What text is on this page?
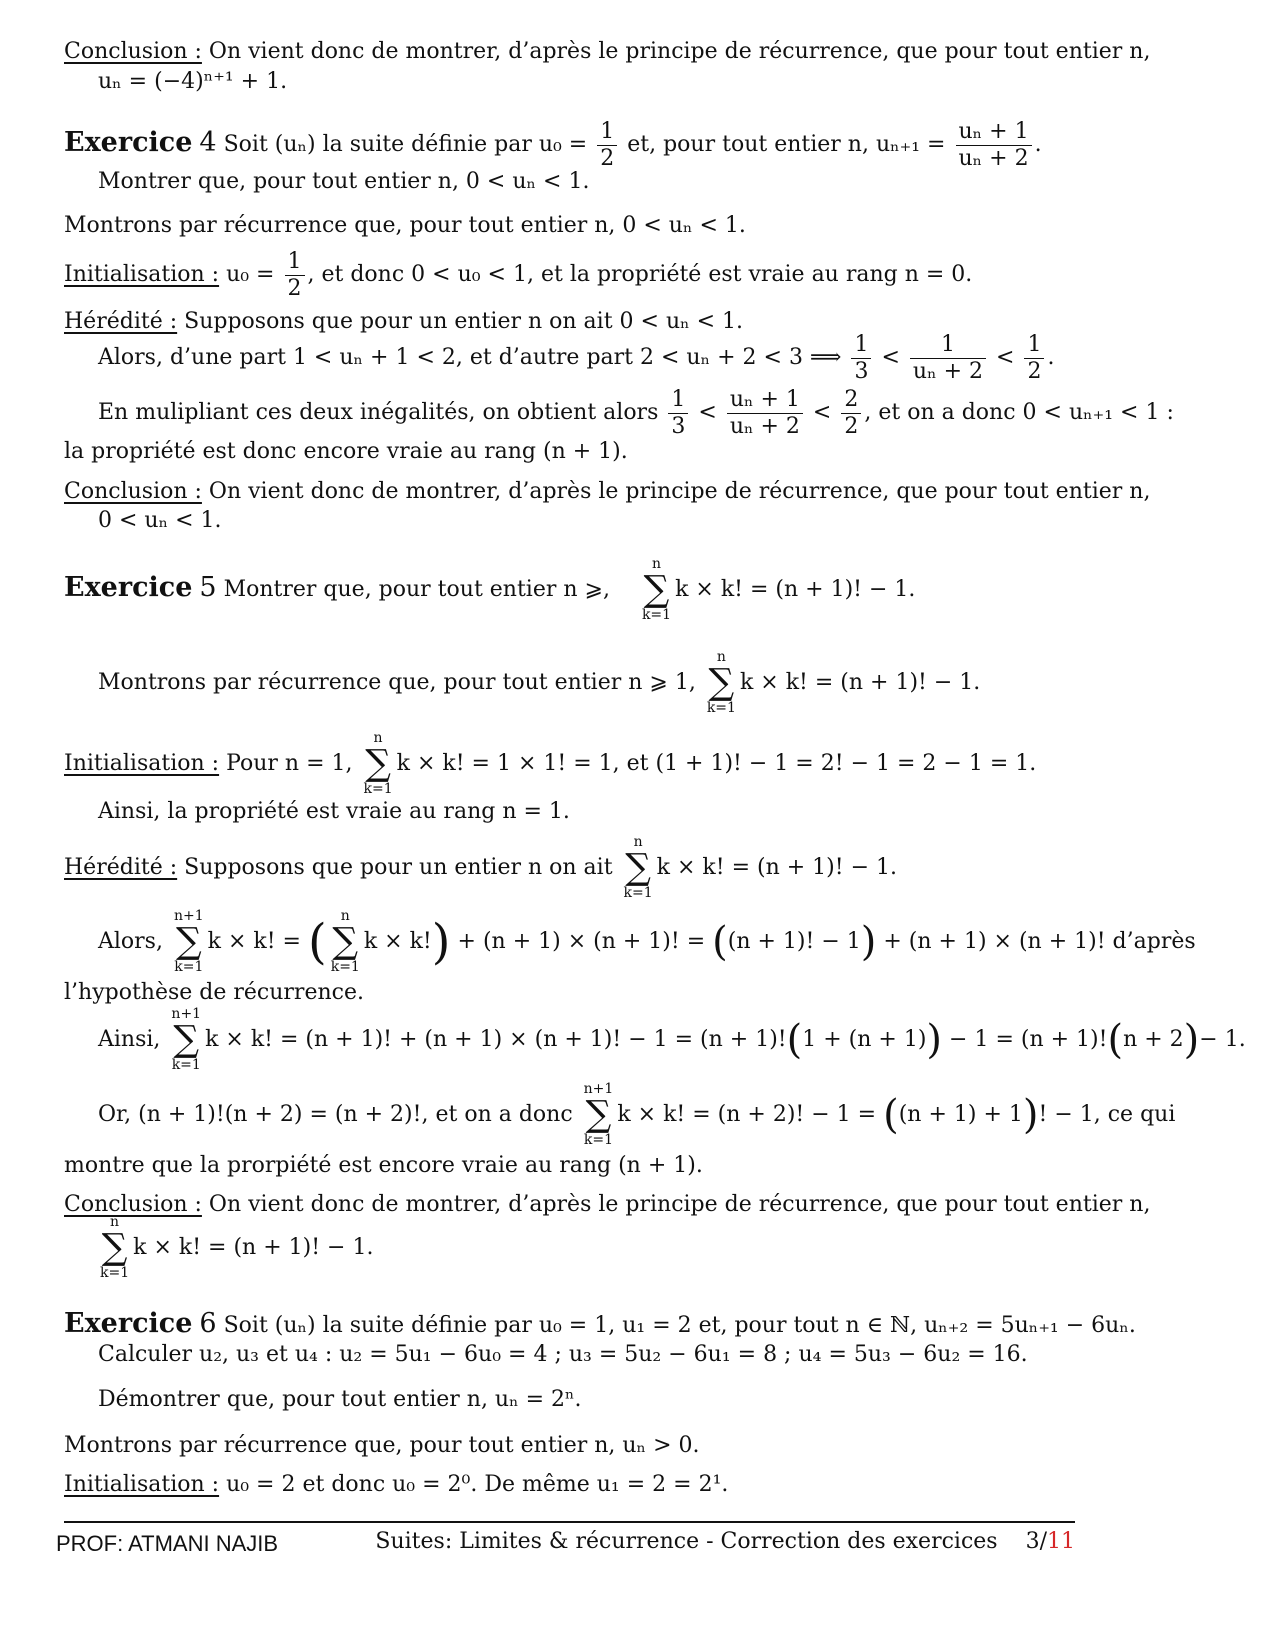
Conclusion : On vient donc de montrer, d’après le principe de récurrence, que pour tout entier n,
uₙ = (−4)ⁿ⁺¹ + 1.
Exercice 4 Soit (uₙ) la suite définie par $u_0 = \frac{1}{2}$ et, pour tout entier n, $u_{n+1} = \frac{\text{uₙ + 1}}{\text{uₙ + 2}}$ .
Montrer que, pour tout entier n, 0 < uₙ < 1.
Montrons par récurrence que, pour tout entier n, 0 < uₙ < 1.
Initialisation : $u_0 = \frac{1}{2}$ , et donc 0 < u₀ < 1, et la propriété est vraie au rang n = 0.
Hérédité : Supposons que pour un entier n on ait 0 < uₙ < 1.
Alors, d’une part 1 < uₙ + 1 < 2, et d’autre part 2 < uₙ + 2 < 3 ⟹ $\frac{1}{3} < \frac{1}{\text{uₙ + 2}} < \frac{1}{2}$ .
En mulipliant ces deux inégalités, on obtient alors $\frac{1}{3} < \frac{\text{uₙ + 1}}{\text{uₙ + 2}} < \frac{2}{2}$ , et on a donc 0 < uₙ₊₁ < 1 :
la propriété est donc encore vraie au rang (n + 1).
Conclusion : On vient donc de montrer, d’après le principe de récurrence, que pour tout entier n,
0 < uₙ < 1.
Exercice 5 Montrer que, pour tout entier n ⩾,
n
∑
k=1
k × k! = (n + 1)! − 1.
Montrons par récurrence que, pour tout entier n ⩾ 1,
n
∑
k=1
k × k! = (n + 1)! − 1.
Initialisation : Pour n = 1,
n
∑
k=1
k × k! = 1 × 1! = 1, et (1 + 1)! − 1 = 2! − 1 = 2 − 1 = 1.
Ainsi, la propriété est vraie au rang n = 1.
Hérédité : Supposons que pour un entier n on ait
n
∑
k=1
k × k! = (n + 1)! − 1.
Alors,
n+1
∑
k=1
k × k! = (	n
∑
k=1
k × k!) + (n + 1) × (n + 1)! = ((n + 1)! − 1) + (n + 1) × (n + 1)! d’après
l’hypothèse de récurrence.
Ainsi,
n+1
∑
k=1
k × k! = (n + 1)! + (n + 1) × (n + 1)! − 1 = (n + 1)!(1 + (n + 1)) − 1 = (n + 1)!(n + 2)− 1.
Or, (n + 1)!(n + 2) = (n + 2)!, et on a donc
n+1
∑
k=1
k × k! = (n + 2)! − 1 = ((n + 1) + 1)! − 1, ce qui
montre que la prorpiété est encore vraie au rang (n + 1).
Conclusion : On vient donc de montrer, d’après le principe de récurrence, que pour tout entier n,
n
∑
k=1
k × k! = (n + 1)! − 1.
Exercice 6 Soit (uₙ) la suite définie par u₀ = 1, u₁ = 2 et, pour tout n ∈ ℕ, uₙ₊₂ = 5uₙ₊₁ − 6uₙ.
Calculer u₂, u₃ et u₄ : u₂ = 5u₁ − 6u₀ = 4 ; u₃ = 5u₂ − 6u₁ = 8 ; u₄ = 5u₃ − 6u₂ = 16.
Démontrer que, pour tout entier n, uₙ = 2ⁿ.
Montrons par récurrence que, pour tout entier n, uₙ > 0.
Initialisation : u₀ = 2 et donc u₀ = 2⁰. De même u₁ = 2 = 2¹.
PROF: ATMANI NAJIB	Suites: Limites & récurrence - Correction des exercices 3/11
